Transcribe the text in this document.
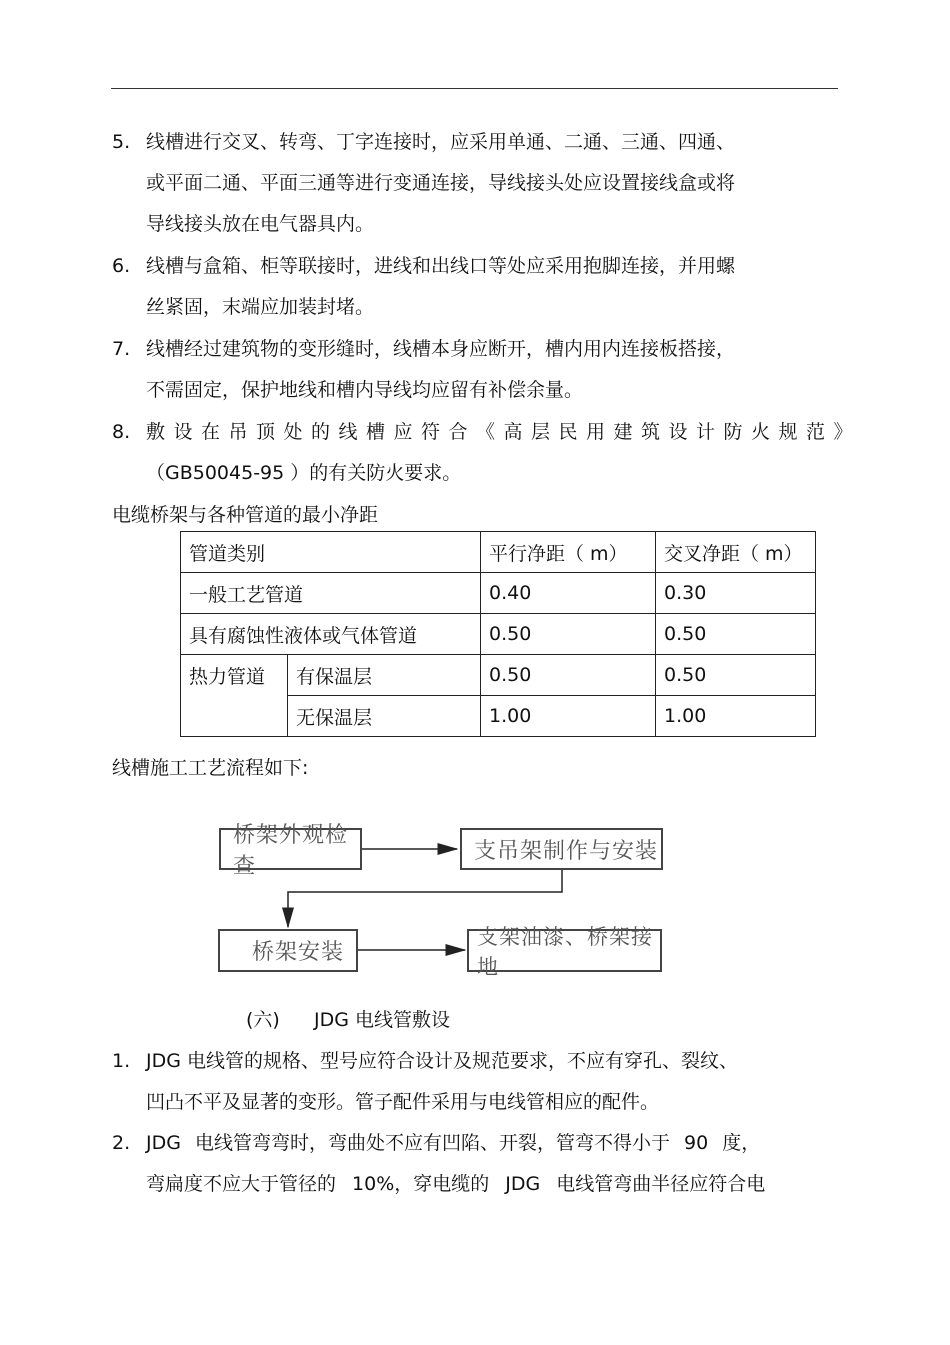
5. 线槽进行交叉、转弯、丁字连接时，应采用单通、二通、三通、四通、
或平面二通、平面三通等进行变通连接，导线接头处应设置接线盒或将
导线接头放在电气器具内。
6. 线槽与盒箱、柜等联接时，进线和出线口等处应采用抱脚连接，并用螺
丝紧固，末端应加装封堵。
7. 线槽经过建筑物的变形缝时，线槽本身应断开，槽内用内连接板搭接，
不需固定，保护地线和槽内导线均应留有补偿余量。
8. 敷设在吊顶处的线槽应符合《高层民用建筑设计防火规范》
（GB50045-95 ）的有关防火要求。
电缆桥架与各种管道的最小净距
管道类别		平行净距（ m）	交叉净距（ m）
一般工艺管道		0.40	0.30
具有腐蚀性液体或气体管道		0.50	0.50
热力管道	有保温层	0.50	0.50
	无保温层	1.00	1.00
线槽施工工艺流程如下:
桥架外观检查
支吊架制作与安装
桥架安装
支架油漆、桥架接地
(六) JDG 电线管敷设
1. JDG 电线管的规格、型号应符合设计及规范要求，不应有穿孔、裂纹、
凹凸不平及显著的变形。管子配件采用与电线管相应的配件。
2. JDG 电线管弯弯时，弯曲处不应有凹陷、开裂，管弯不得小于 90 度，
弯扁度不应大于管径的 10%，穿电缆的 JDG 电线管弯曲半径应符合电
